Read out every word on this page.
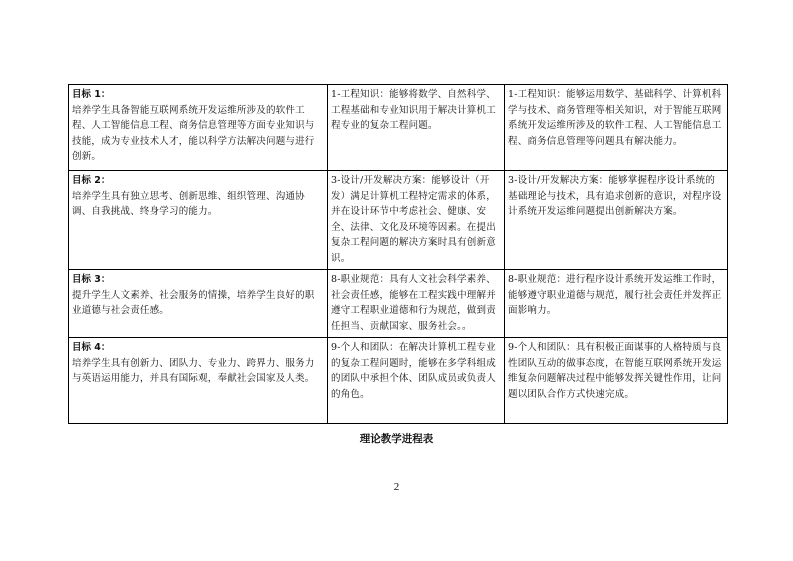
目标 1：
培养学生具备智能互联网系统开发运维所涉及的软件工程、人工智能信息工程、商务信息管理等方面专业知识与技能，成为专业技术人才，能以科学方法解决问题与进行创新。	1-工程知识：能够将数学、自然科学、工程基础和专业知识用于解决计算机工程专业的复杂工程问题。	1-工程知识：能够运用数学、基础科学、计算机科学与技术、商务管理等相关知识，对于智能互联网系统开发运维所涉及的软件工程、人工智能信息工程、商务信息管理等问题具有解决能力。

目标 2：
培养学生具有独立思考、创新思维、组织管理、沟通协调、自我挑战、终身学习的能力。	3-设计/开发解决方案：能够设计（开发）满足计算机工程特定需求的体系，并在设计环节中考虑社会、健康、安全、法律、文化及环境等因素。在提出复杂工程问题的解决方案时具有创新意识。	3-设计/开发解决方案：能够掌握程序设计系统的基础理论与技术，具有追求创新的意识，对程序设计系统开发运维问题提出创新解决方案。

目标 3：
提升学生人文素养、社会服务的情操，培养学生良好的职业道德与社会责任感。	8-职业规范：具有人文社会科学素养、社会责任感，能够在工程实践中理解并遵守工程职业道德和行为规范，做到责任担当、贡献国家、服务社会。。	8-职业规范：进行程序设计系统开发运维工作时，能够遵守职业道德与规范，履行社会责任并发挥正面影响力。

目标 4：
培养学生具有创新力、团队力、专业力、跨界力、服务力与英语运用能力，并具有国际观，奉献社会国家及人类。	9-个人和团队：在解决计算机工程专业的复杂工程问题时，能够在多学科组成的团队中承担个体、团队成员或负责人的角色。	9-个人和团队：具有积极正面谋事的人格特质与良性团队互动的做事态度，在智能互联网系统开发运维复杂问题解决过程中能够发挥关键性作用，让问题以团队合作方式快速完成。
理论教学进程表
2
